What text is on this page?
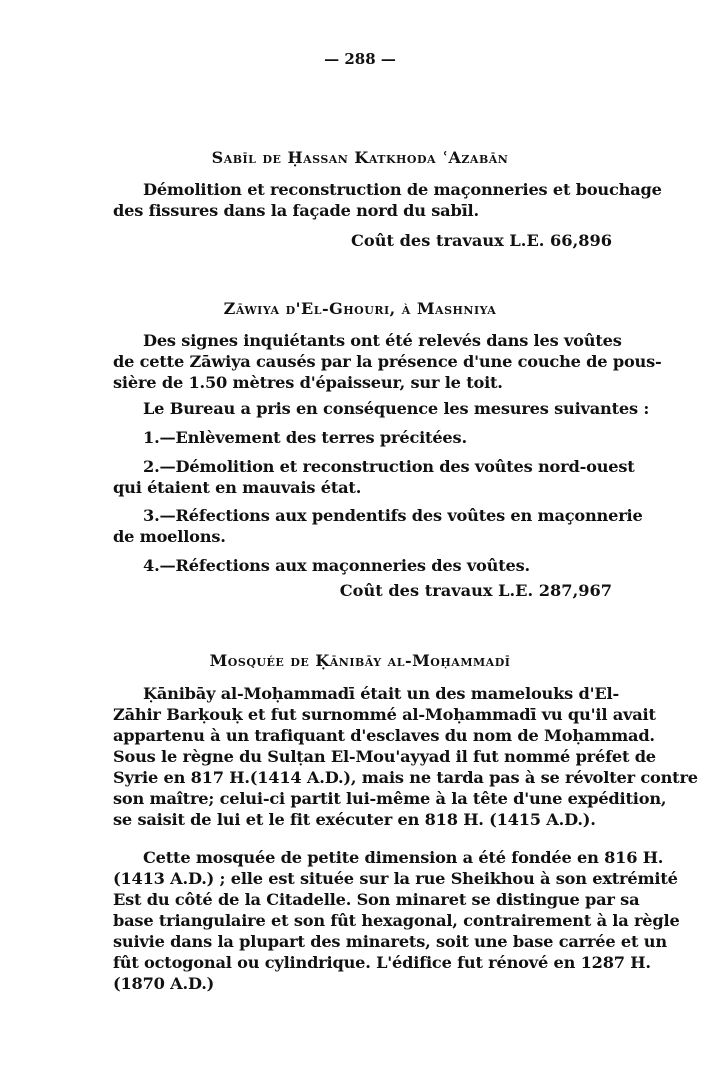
— 288 —
Sabīl de Ḥassan Katkhoda ʿAzabān
Démolition et reconstruction de maçonneries et bouchage
des fissures dans la façade nord du sabīl.
Coût des travaux L.E. 66,896
Zāwiya d'El-Ghouri, à Mashniya
Des signes inquiétants ont été relevés dans les voûtes
de cette Zāwiya causés par la présence d'une couche de pous-
sière de 1.50 mètres d'épaisseur, sur le toit.
Le Bureau a pris en conséquence les mesures suivantes :
1.—Enlèvement des terres précitées.
2.—Démolition et reconstruction des voûtes nord-ouest
qui étaient en mauvais état.
3.—Réfections aux pendentifs des voûtes en maçonnerie
de moellons.
4.—Réfections aux maçonneries des voûtes.
Coût des travaux L.E. 287,967
Mosquée de Ḳānibāy al-Moḥammadī
Ḳānibāy al-Moḥammadī était un des mamelouks d'El-
Zāhir Barḳouḳ et fut surnommé al-Moḥammadī vu qu'il avait
appartenu à un trafiquant d'esclaves du nom de Moḥammad.
Sous le règne du Sulṭan El-Mou'ayyad il fut nommé préfet de
Syrie en 817 H.(1414 A.D.), mais ne tarda pas à se révolter contre
son maître; celui-ci partit lui-même à la tête d'une expédition,
se saisit de lui et le fit exécuter en 818 H. (1415 A.D.).
Cette mosquée de petite dimension a été fondée en 816 H.
(1413 A.D.) ; elle est située sur la rue Sheikhou à son extrémité
Est du côté de la Citadelle. Son minaret se distingue par sa
base triangulaire et son fût hexagonal, contrairement à la règle
suivie dans la plupart des minarets, soit une base carrée et un
fût octogonal ou cylindrique. L'édifice fut rénové en 1287 H.
(1870 A.D.)
